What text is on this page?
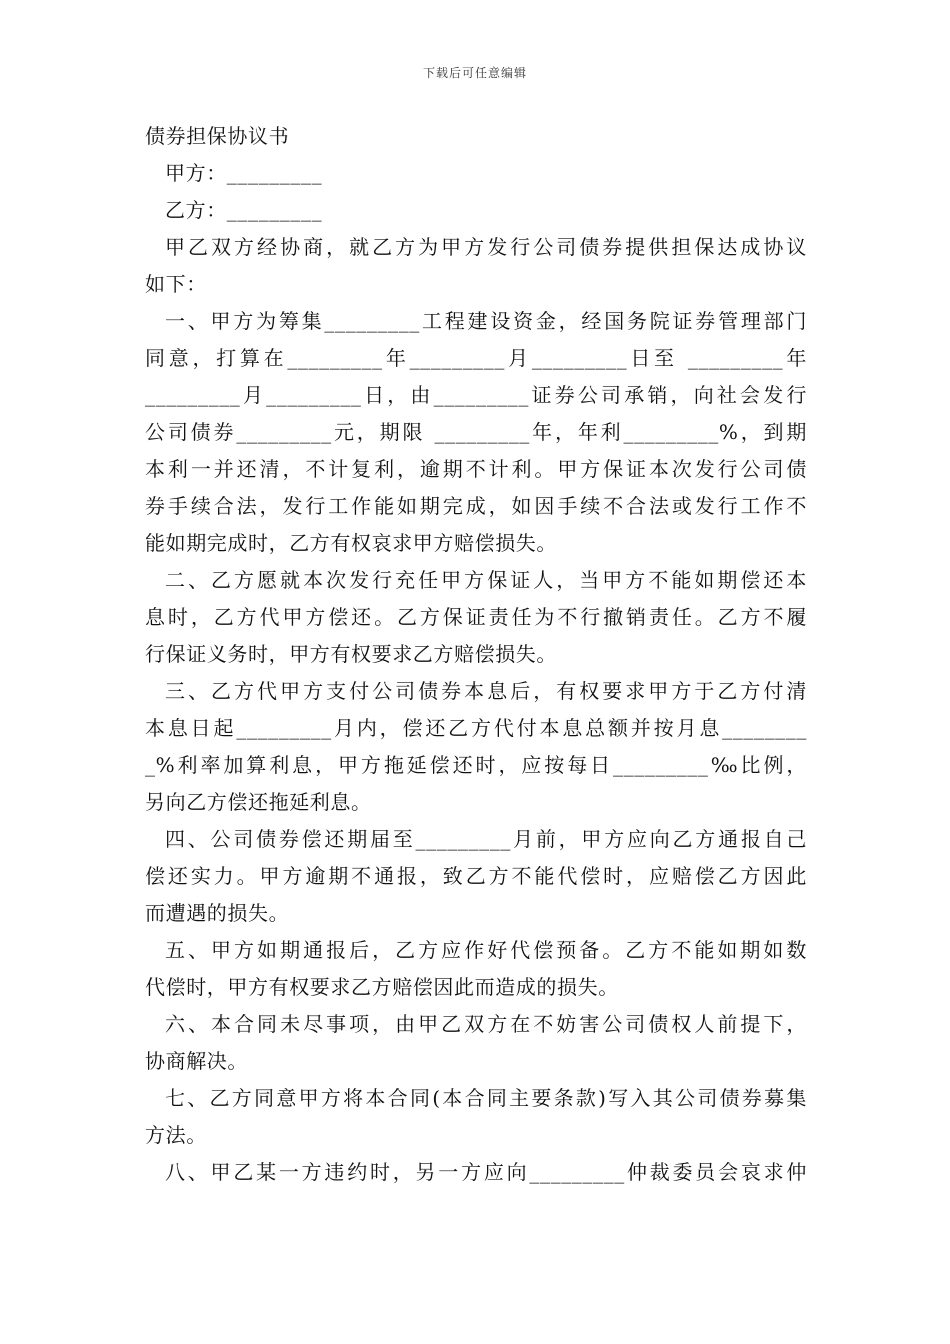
下载后可任意编辑
债券担保协议书
甲方：_________
乙方：_________
甲乙双方经协商，就乙方为甲方发行公司债券提供担保达成协议
如下：
一、甲方为筹集_________工程建设资金，经国务院证券管理部门
同意，打算在_________年_________月_________日至 _________年
_________月_________日，由_________证券公司承销，向社会发行
公司债券_________元，期限 _________年，年利_________%，到期
本利一并还清，不计复利，逾期不计利。甲方保证本次发行公司债
券手续合法，发行工作能如期完成，如因手续不合法或发行工作不
能如期完成时，乙方有权哀求甲方赔偿损失。
二、乙方愿就本次发行充任甲方保证人，当甲方不能如期偿还本
息时，乙方代甲方偿还。乙方保证责任为不行撤销责任。乙方不履
行保证义务时，甲方有权要求乙方赔偿损失。
三、乙方代甲方支付公司债券本息后，有权要求甲方于乙方付清
本息日起_________月内，偿还乙方代付本息总额并按月息________
_%利率加算利息，甲方拖延偿还时，应按每日_________‰比例，
另向乙方偿还拖延利息。
四、公司债券偿还期届至_________月前，甲方应向乙方通报自己
偿还实力。甲方逾期不通报，致乙方不能代偿时，应赔偿乙方因此
而遭遇的损失。
五、甲方如期通报后，乙方应作好代偿预备。乙方不能如期如数
代偿时，甲方有权要求乙方赔偿因此而造成的损失。
六、本合同未尽事项，由甲乙双方在不妨害公司债权人前提下，
协商解决。
七、乙方同意甲方将本合同(本合同主要条款)写入其公司债券募集
方法。
八、甲乙某一方违约时，另一方应向_________仲裁委员会哀求仲
